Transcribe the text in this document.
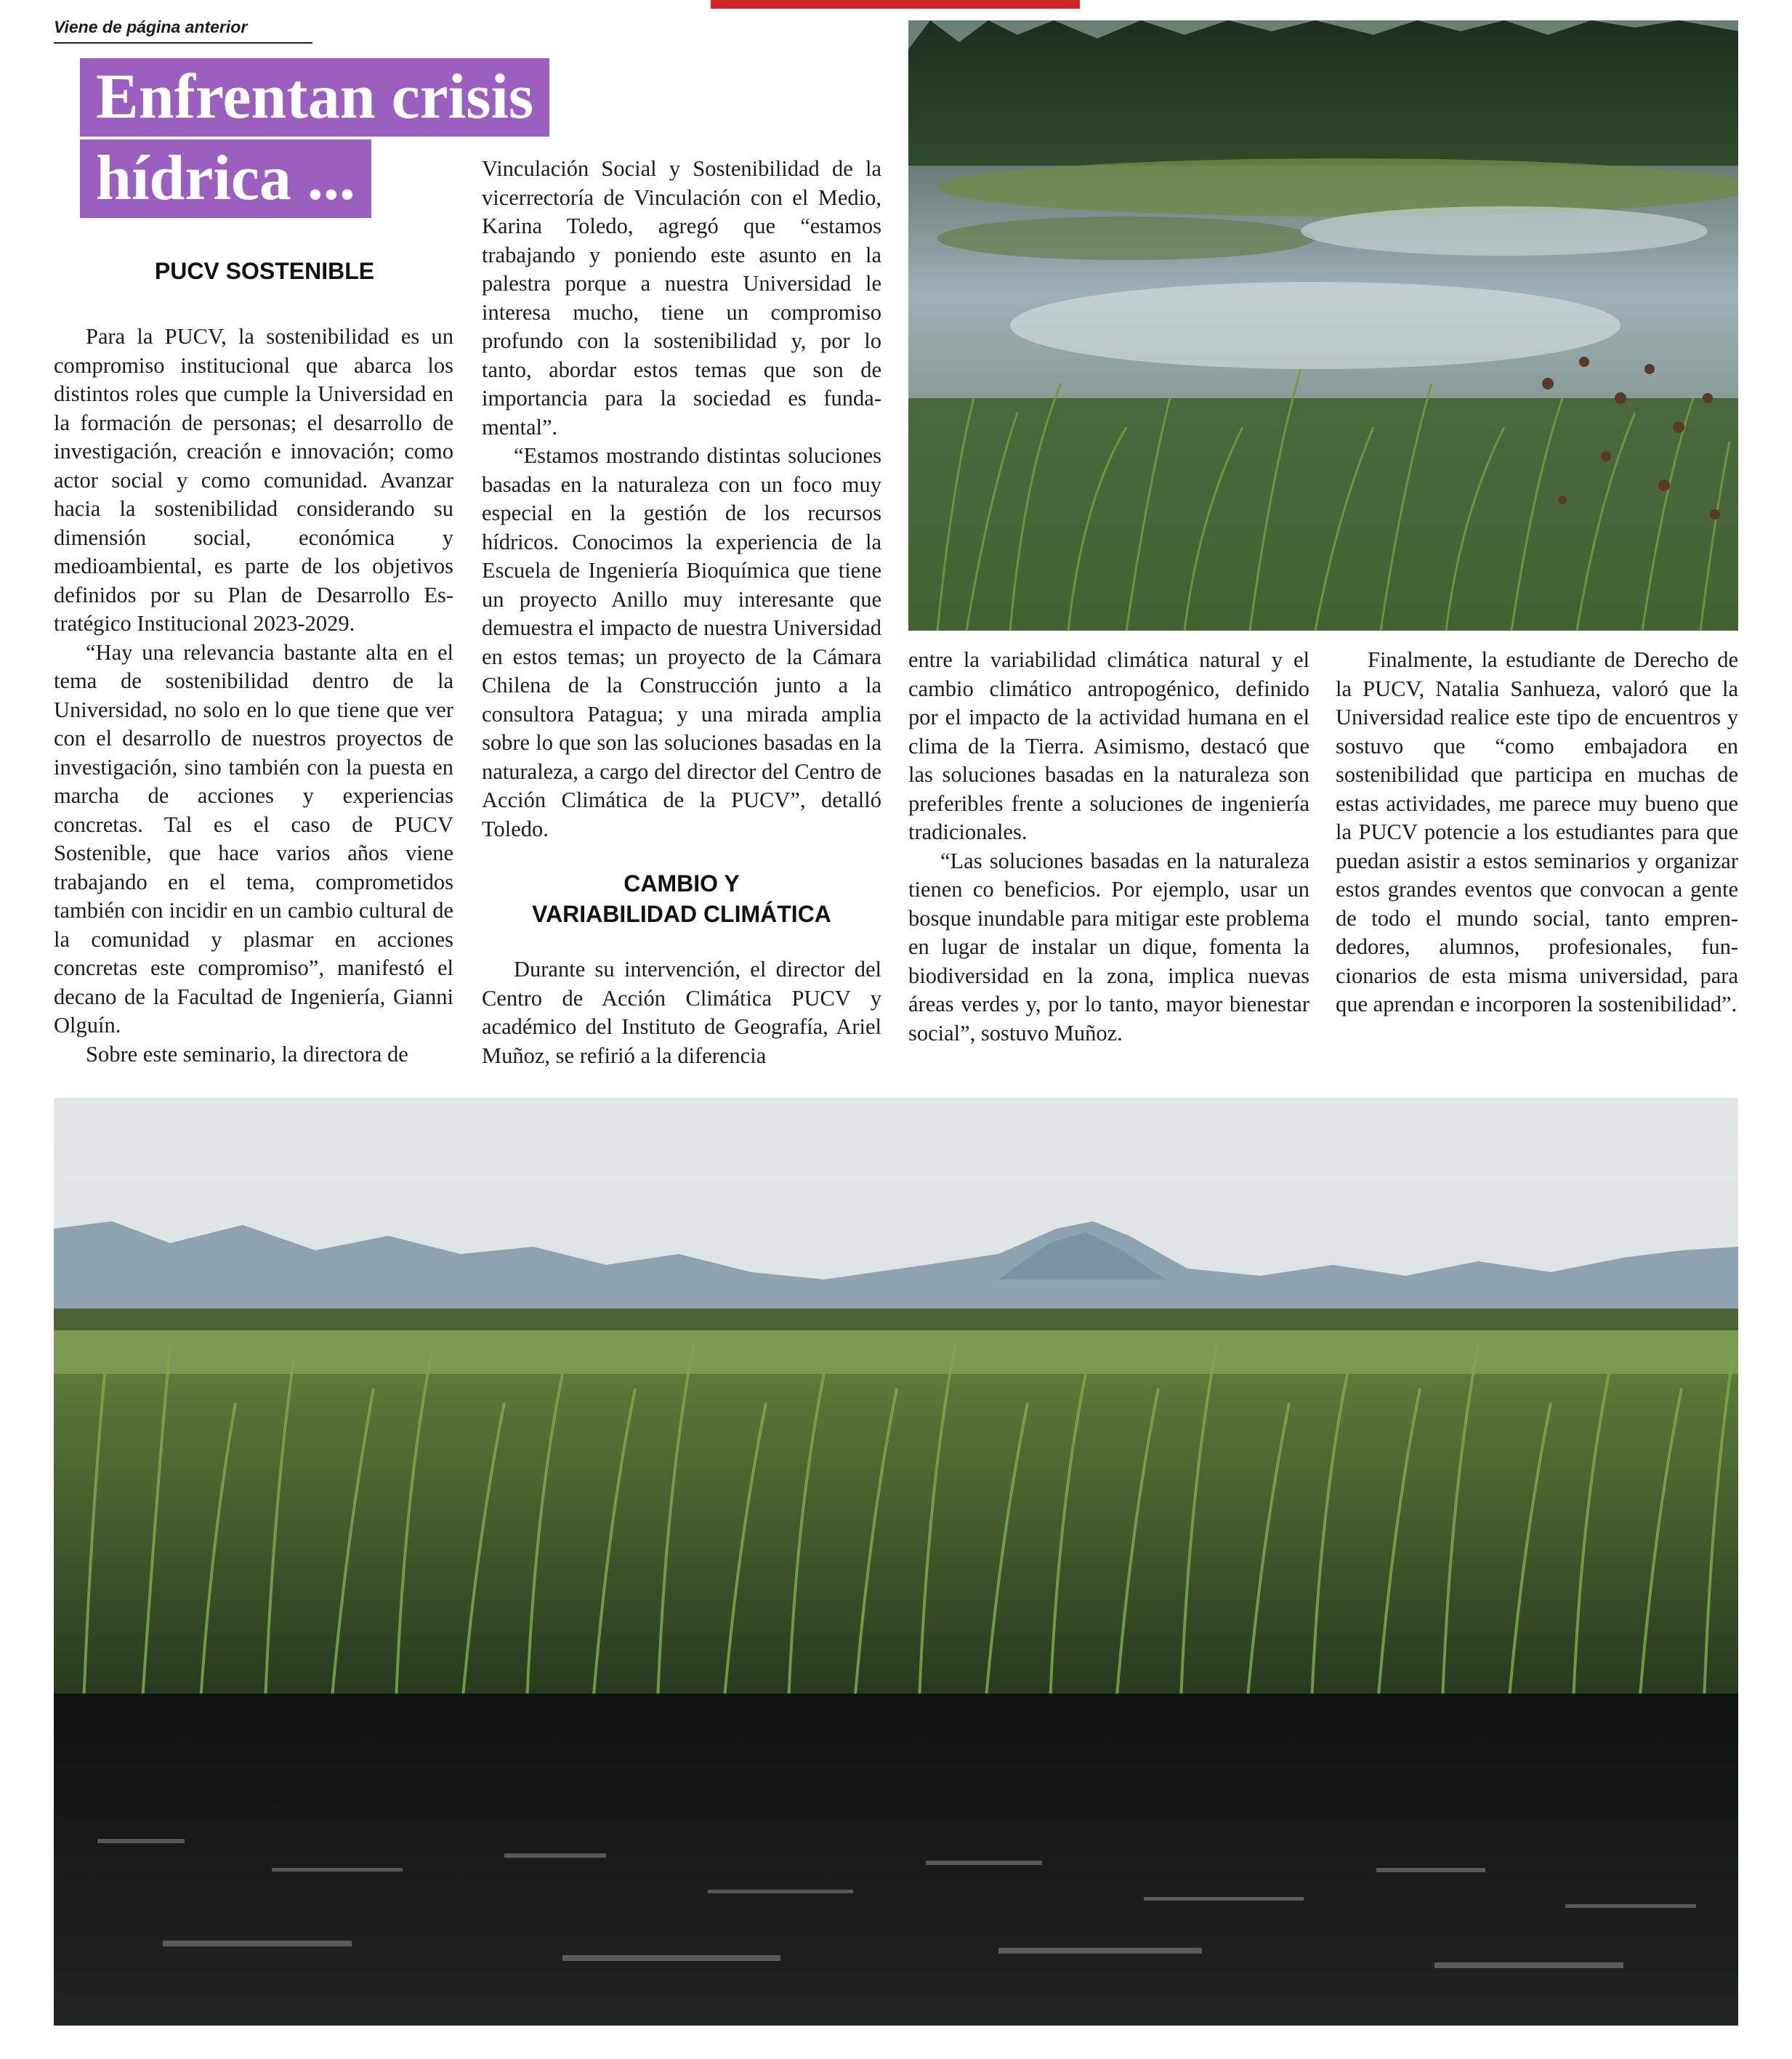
Viene de página anterior
Enfrentan crisis
hídrica ...
PUCV SOSTENIBLE

Para la PUCV, la sostenibilidad es un compromiso institucional que abarca los distintos roles que cumple la Universidad en la formación de personas; el desarrollo de investigación, creación e innovación; como actor social y como comunidad. Avanzar hacia la sostenibilidad considerando su dimensión social, económica y medioambiental, es parte de los objetivos definidos por su Plan de Desarrollo Estratégico Institucional 2023-2029.

“Hay una relevancia bastante alta en el tema de sostenibilidad dentro de la Universidad, no solo en lo que tiene que ver con el desarrollo de nuestros proyectos de investigación, sino también con la puesta en marcha de acciones y experiencias concretas. Tal es el caso de PUCV Sostenible, que hace varios años viene trabajando en el tema, comprometidos también con incidir en un cambio cultural de la comunidad y plasmar en acciones concretas este compromiso”, manifestó el decano de la Facultad de Ingeniería, Gianni Olguín.

Sobre este seminario, la directora de

Vinculación Social y Sostenibilidad de la vicerrectoría de Vinculación con el Medio, Karina Toledo, agregó que “estamos trabajando y poniendo este asunto en la palestra porque a nuestra Universidad le interesa mucho, tiene un compromiso profundo con la sostenibilidad y, por lo tanto, abordar estos temas que son de importancia para la sociedad es fundamental”.

“Estamos mostrando distintas soluciones basadas en la naturaleza con un foco muy especial en la gestión de los recursos hídricos. Conocimos la experiencia de la Escuela de Ingeniería Bioquímica que tiene un proyecto Anillo muy interesante que demuestra el impacto de nuestra Universidad en estos temas; un proyecto de la Cámara Chilena de la Construcción junto a la consultora Patagua; y una mirada amplia sobre lo que son las soluciones basadas en la naturaleza, a cargo del director del Centro de Acción Climática de la PUCV”, detalló Toledo.

CAMBIO Y
VARIABILIDAD CLIMÁTICA

Durante su intervención, el director del Centro de Acción Climática PUCV y académico del Instituto de Geografía, Ariel Muñoz, se refirió a la diferencia

entre la variabilidad climática natural y el cambio climático antropogénico, definido por el impacto de la actividad humana en el clima de la Tierra. Asimismo, destacó que las soluciones basadas en la naturaleza son preferibles frente a soluciones de ingeniería tradicionales.

“Las soluciones basadas en la naturaleza tienen co beneficios. Por ejemplo, usar un bosque inundable para mitigar este problema en lugar de instalar un dique, fomenta la biodiversidad en la zona, implica nuevas áreas verdes y, por lo tanto, mayor bienestar social”, sostuvo Muñoz.

Finalmente, la estudiante de Derecho de la PUCV, Natalia Sanhueza, valoró que la Universidad realice este tipo de encuentros y sostuvo que “como embajadora en sostenibilidad que participa en muchas de estas actividades, me parece muy bueno que la PUCV potencie a los estudiantes para que puedan asistir a estos seminarios y organizar estos grandes eventos que convocan a gente de todo el mundo social, tanto emprendedores, alumnos, profesionales, funcionarios de esta misma universidad, para que aprendan e incorporen la sostenibilidad”.
